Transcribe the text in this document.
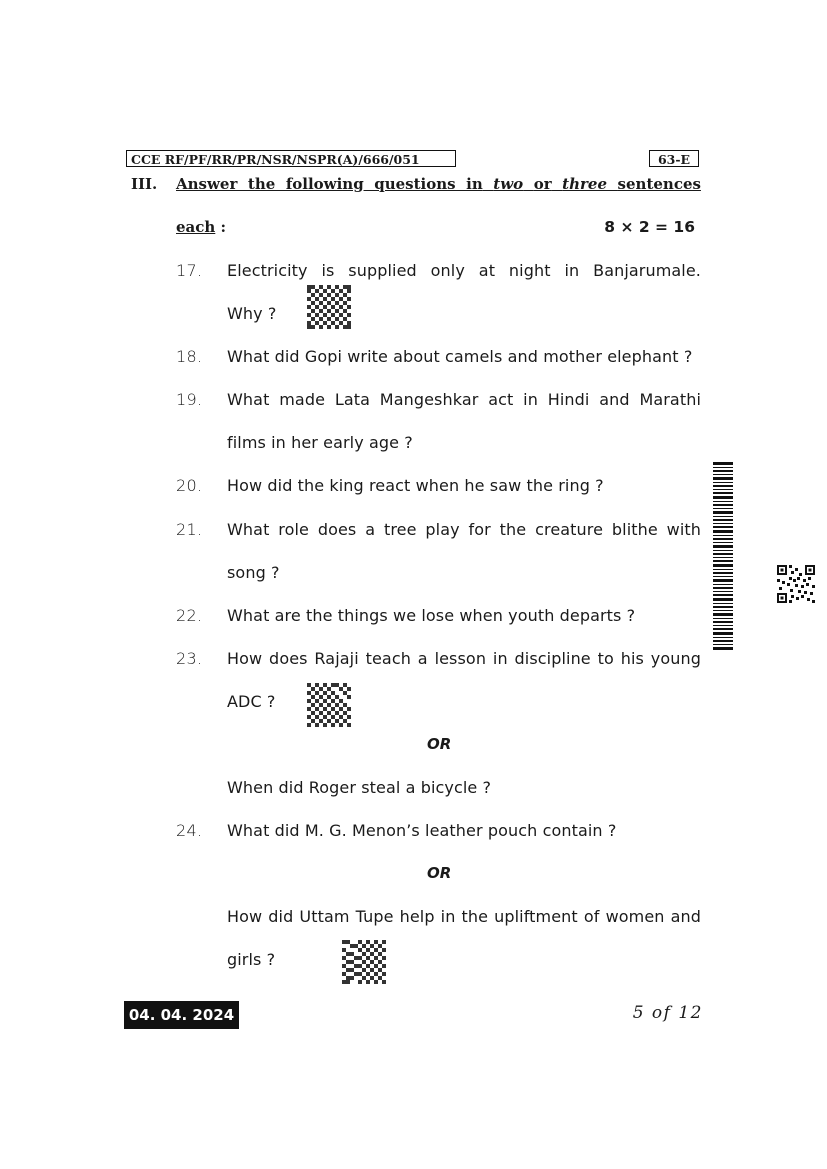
CCE RF/PF/RR/PR/NSR/NSPR(A)/666/051	63-E
III. Answer the following questions in two or three sentences
each :	8 × 2 = 16
17.	Electricity is supplied only at night in Banjarumale.
Why ?
18.	What did Gopi write about camels and mother elephant ?
19.	What made Lata Mangeshkar act in Hindi and Marathi
films in her early age ?
20.	How did the king react when he saw the ring ?
21.	What role does a tree play for the creature blithe with
song ?
22.	What are the things we lose when youth departs ?
23.	How does Rajaji teach a lesson in discipline to his young
ADC ?
OR
When did Roger steal a bicycle ?
24.	What did M. G. Menon’s leather pouch contain ?
OR
How did Uttam Tupe help in the upliftment of women and
girls ?
04. 04. 2024	5 of 12
